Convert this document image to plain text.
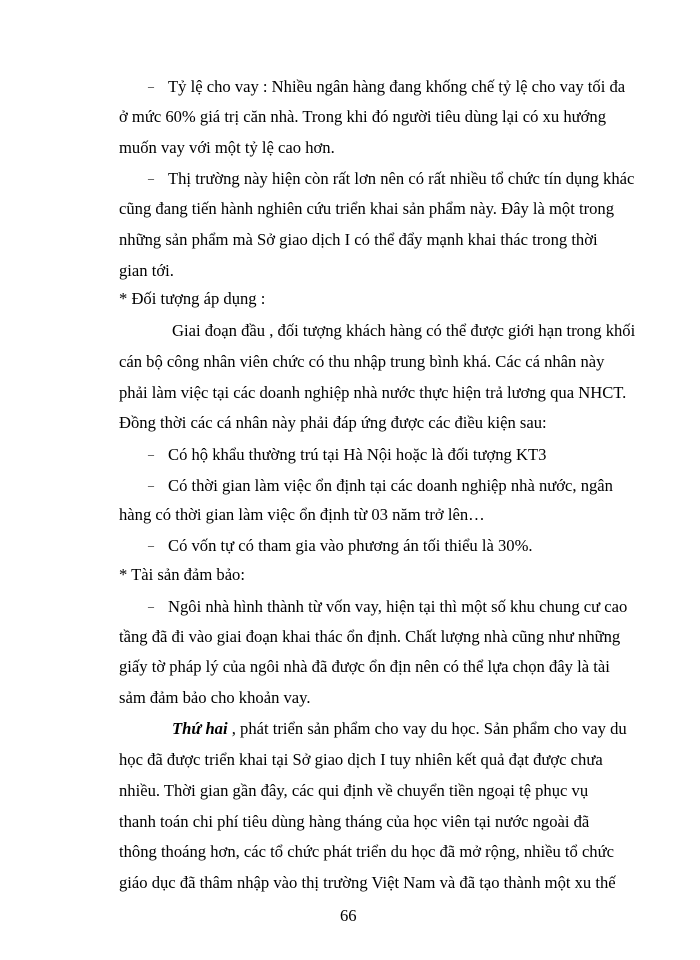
– Tỷ lệ cho vay : Nhiều ngân hàng đang khống chế tỷ lệ cho vay tối đa
ở mức 60% giá trị căn nhà. Trong khi đó người tiêu dùng lại có xu hướng
muốn vay với một tỷ lệ cao hơn.
– Thị trường này hiện còn rất lơn nên có rất nhiều tổ chức tín dụng khác
cũng đang tiến hành nghiên cứu triển khai sản phẩm này. Đây là một trong
những sản phẩm mà Sở giao dịch I có thể đẩy mạnh khai thác trong thời
gian tới.
* Đối tượng áp dụng :
Giai đoạn đầu , đối tượng khách hàng có thể được giới hạn trong khối
cán bộ công nhân viên chức có thu nhập trung bình khá. Các cá nhân này
phải làm việc tại các doanh nghiệp nhà nước thực hiện trả lương qua NHCT.
Đồng thời các cá nhân này phải đáp ứng được các điều kiện sau:
– Có hộ khẩu thường trú tại Hà Nội hoặc là đối tượng KT3
– Có thời gian làm việc ổn định tại các doanh nghiệp nhà nước, ngân
hàng có thời gian làm việc ổn định từ 03 năm trở lên…
– Có vốn tự có tham gia vào phương án tối thiểu là 30%.
* Tài sản đảm bảo:
– Ngôi nhà hình thành từ vốn vay, hiện tại thì một số khu chung cư cao
tầng đã đi vào giai đoạn khai thác ổn định. Chất lượng nhà cũng như những
giấy tờ pháp lý của ngôi nhà đã được ổn địn nên có thể lựa chọn đây là tài
sảm đảm bảo cho khoản vay.
Thứ hai , phát triển sản phẩm cho vay du học. Sản phẩm cho vay du
học đã được triển khai tại Sở giao dịch I tuy nhiên kết quả đạt được chưa
nhiều. Thời gian gần đây, các qui định về chuyển tiền ngoại tệ phục vụ
thanh toán chi phí tiêu dùng hàng tháng của học viên tại nước ngoài đã
thông thoáng hơn, các tổ chức phát triển du học đã mở rộng, nhiều tổ chức
giáo dục đã thâm nhập vào thị trường Việt Nam và đã tạo thành một xu thế
66
